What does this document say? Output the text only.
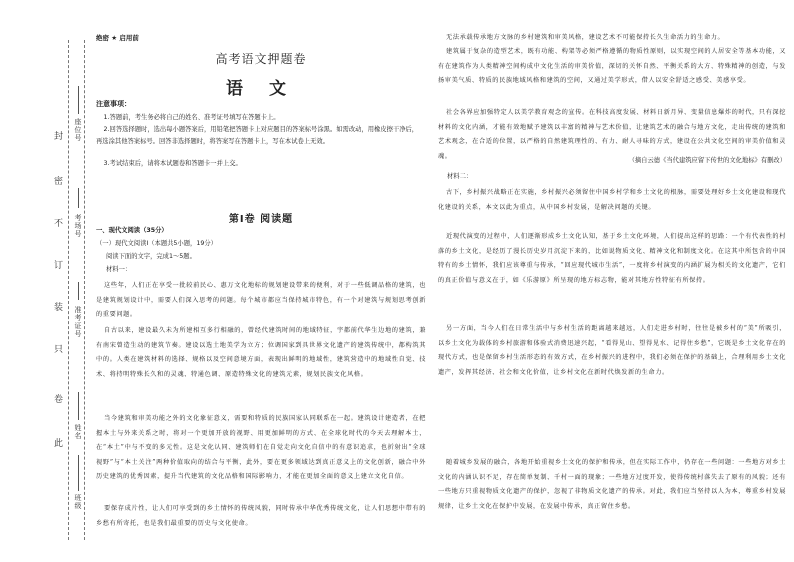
封
密
不
订
装
只
卷
此
座位号
考场号
准考证号
姓名
班级
绝密 ★ 启用前
高考语文押题卷
语 文
注意事项：
1.答题前，考生务必将自己的姓名、准考证号填写在答题卡上。
2.回答选择题时，选出每小题答案后，用铅笔把答题卡上对应题目的答案标号涂黑。如需改动，用橡皮擦干净后，再选涂其他答案标号。回答非选择题时，将答案写在答题卡上，写在本试卷上无效。
3.考试结束后，请将本试题卷和答题卡一并上交。
第Ⅰ卷 阅读题
一、现代文阅读（35分）
（一）现代文阅读Ⅰ（本题共5小题，19分）
阅读下面的文字，完成1～5题。
材料一：
这些年，人们正在享受一批较前民心、惠万文化地标的规划建设带来的便利，对于一些低调品格的建筑，也是建筑规划设计中，需要人们深入思考的问题。每个城市都应当保持城市特色，有一个对建筑与规划思考创新的重要问题。
自古以来，建设最久未为所建相互多行相融的，曾经代建筑时间的地域特征，宇都前代华生边地的建筑，兼有南宋曾造生动的建筑节奏。建设以选土地美学为立方；位调国家到具世界文化遗产的建筑传统中，都构筑其中的。人类在建筑材料的选择、规格以及空间意境方面，表现出鲜明的地域性，建筑营造中的地域性自觉、技术、将持明特殊长久和的灵魂、特通色调、原造特殊文化的建筑元素，规划民族文化风格。
当今建筑和审美功能之外的文化象征意义，需要和特质的民族国家认同联系在一起。建筑设计建造者，在把握本土与外来关系之时，将对一个更加开放的视野、用更加鲜明的方式、在全球化时代的今天去理解本土，在“本土”中与不变的多元性。这是文化认同、建筑师们在自觉走向文化自信中的有意识追求，也折射出“全球视野”与“本土关注”两种价值取向的结合与平衡，此外，要在更多领域达到真正意义上的文化创新，融合中外历史建筑的优秀因素，提升当代建筑的文化品格和国际影响力，才能在更加全面的意义上建立文化自信。
要保存成片性，让人们可享受到的乡土情怀的传统风貌，同时传承中华优秀传统文化，让人们思想中带有的乡愁有所寄托，也是我们最重要的历史与文化使命。
无法承载传承地方文脉的乡村建筑和审美风格，建设艺术不可能保持长久生命活力的生命力。
建筑属于复杂的造型艺术，既有功能、构架等必须严格遵循的物质性原则，以实现空间的人居安全等基本功能，又有在建筑作为人类精神空间构成中文化生活的审美价值，深切的关怀自然、平衡关系的大方、特殊精神的创造，与发扬审美气质、特质的民族地域风格和建筑的空间，又通过美学形式，借人以安全舒适之感受、美感享受。
社会各界应加强特定人以美学教育观念的宣传。在科技高度发展、材料日新月异、变量信息爆炸的时代，只有深挖材料的文化内涵，才能有效地赋予建筑以丰富的精神与艺术价值，让建筑艺术的融合与地方文化，走出传统的建筑和艺术观念，在合适的位置，以严格的自然建筑理性的、有力、耐人寻味的方式，建设在公共文化空间的审美价值和灵魂。
（摘自云德《当代建筑应留下传世的文化地标》有删改）
材料二：
古下，乡村振兴战略正在实施，乡村振兴必须留住中国乡村学和乡土文化的根脉，需要处理好乡土文化建设和现代化建设的关系，本文以此为重点，从中国乡村发展，是解决问题的关键。
近现代演变的过程中，人们逐渐形成乡土文化认知，基于乡土文化环境，人们提出这样的思路：一个有代表性的村落的乡土文化，是经历了漫长历史岁月沉淀下来的，比如说物质文化、精神文化和制度文化。在这其中所包含的中国特有的乡土情怀，我们应该尊重与传承，“回应现代城市生活”，一度将乡村演变的内涵扩展为相关的文化遗产，它们的真正价值与意义在于，如《乐游原》所呈现的地方标志物，能对其地方性特征有所保持。
另一方面，当今人们在日常生活中与乡村生活的距离越来越远，人们走进乡村时，往往是被乡村的“美”所吸引，以乡土文化为载体的乡村旅游和体验式消费迅速兴起，“看得见山、望得见水、记得住乡愁”，它既是乡土文化存在的现代方式，也是保留乡村生活形态的有效方式，在乡村振兴的进程中，我们必须在保护的基础上，合理利用乡土文化遗产，发挥其经济、社会和文化价值，让乡村文化在新时代焕发新的生命力。
随着城乡发展的融合，各地开始重视乡土文化的保护和传承，但在实际工作中，仍存在一些问题：一些地方对乡土文化的内涵认识不足，存在简单复制、千村一面的现象；一些地方过度开发，使得传统村落失去了原有的风貌；还有一些地方只重视物质文化遗产的保护，忽视了非物质文化遗产的传承。对此，我们应当坚持以人为本，尊重乡村发展规律，让乡土文化在保护中发展，在发展中传承，真正留住乡愁。
